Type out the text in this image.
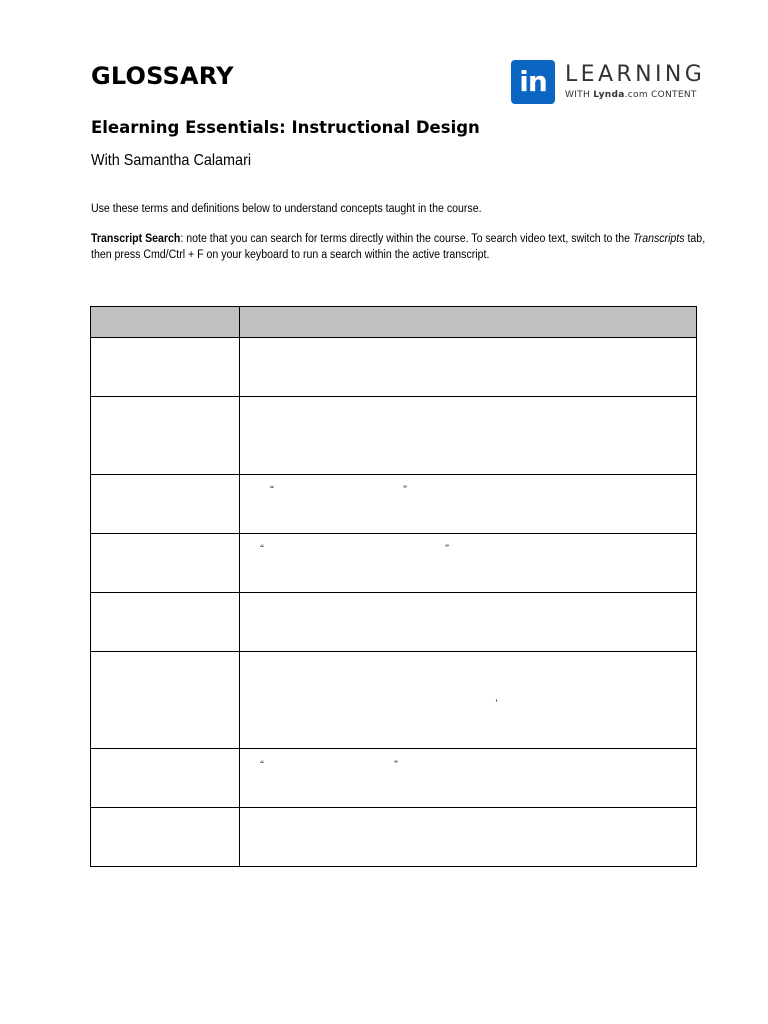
GLOSSARY	in LEARNING
WITH Lynda.com CONTENT
Elearning Essentials: Instructional Design
With Samantha Calamari
Use these terms and definitions below to understand concepts taught in the course.
Transcript Search: note that you can search for terms directly within the course. To search video text, switch to the Transcripts tab, then press Cmd/Ctrl + F on your keyboard to run a search within the active transcript.

	“ ”

	“ ”

	’

	“ ”
